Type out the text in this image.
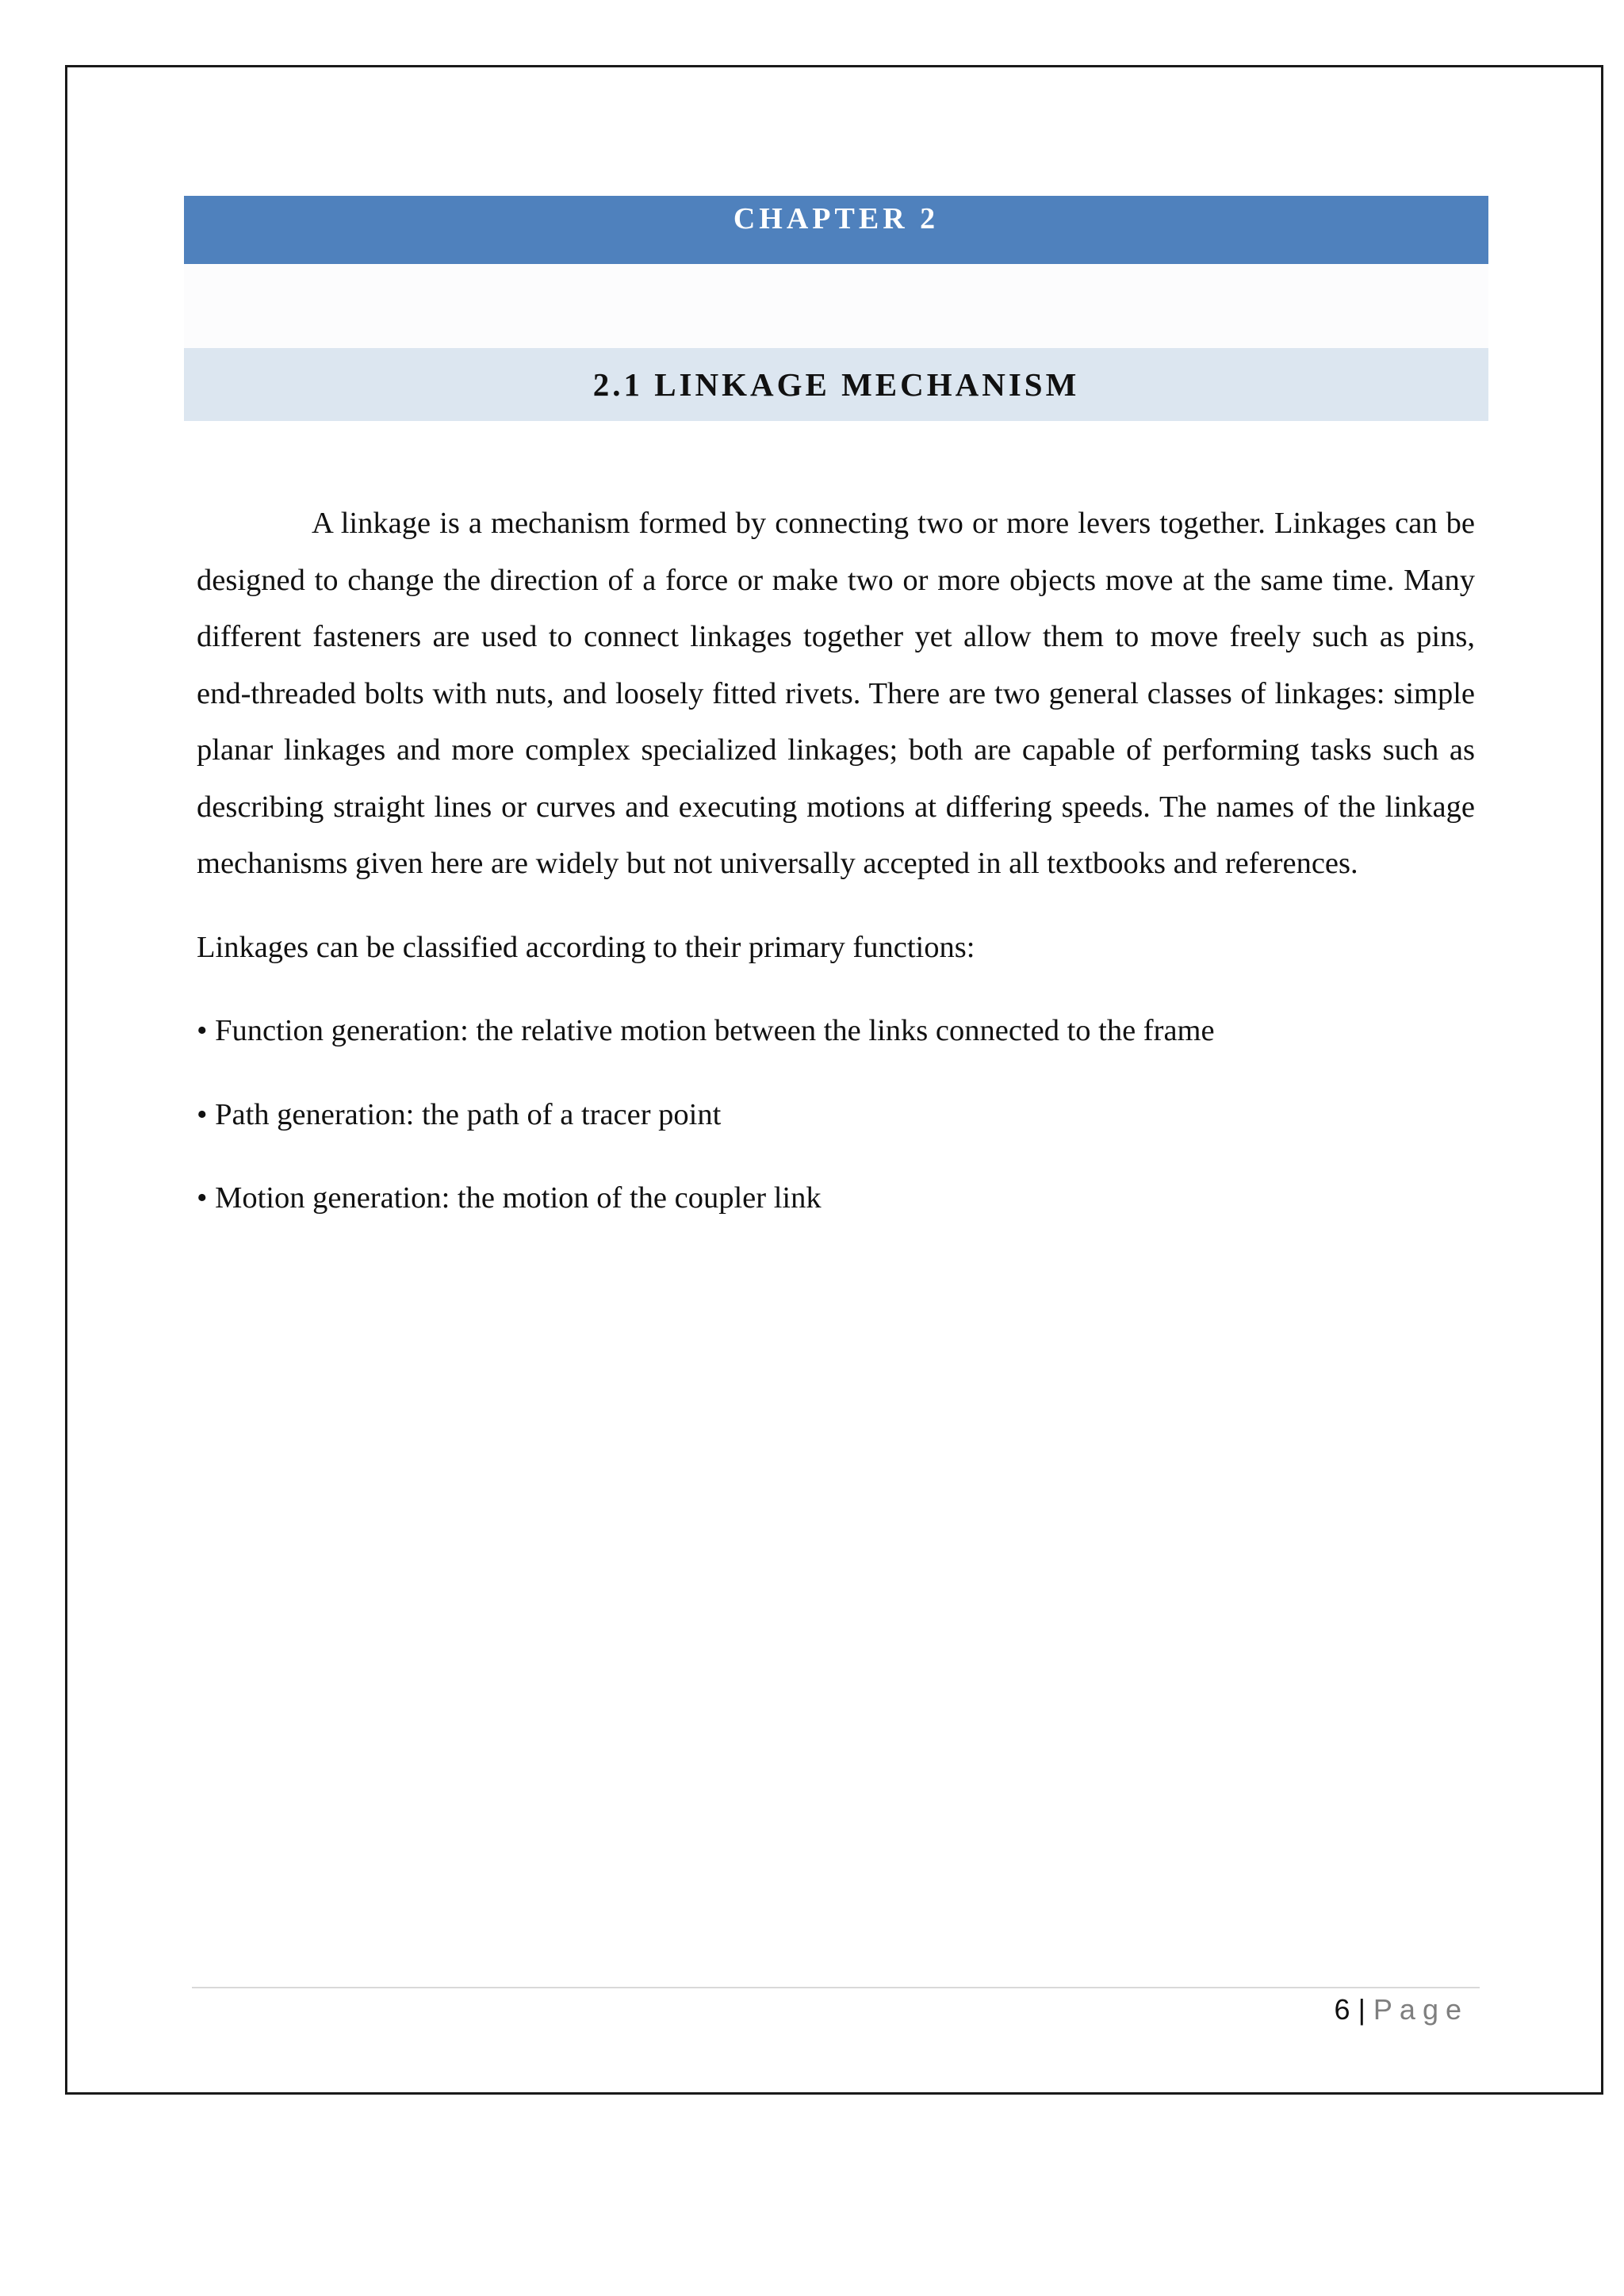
CHAPTER 2
2.1 LINKAGE MECHANISM

A linkage is a mechanism formed by connecting two or more levers together. Linkages can be designed to change the direction of a force or make two or more objects move at the same time. Many different fasteners are used to connect linkages together yet allow them to move freely such as pins, end-threaded bolts with nuts, and loosely fitted rivets. There are two general classes of linkages: simple planar linkages and more complex specialized linkages; both are capable of performing tasks such as describing straight lines or curves and executing motions at differing speeds. The names of the linkage mechanisms given here are widely but not universally accepted in all textbooks and references.

Linkages can be classified according to their primary functions:

• Function generation: the relative motion between the links connected to the frame

• Path generation: the path of a tracer point

• Motion generation: the motion of the coupler link

6 | Page
